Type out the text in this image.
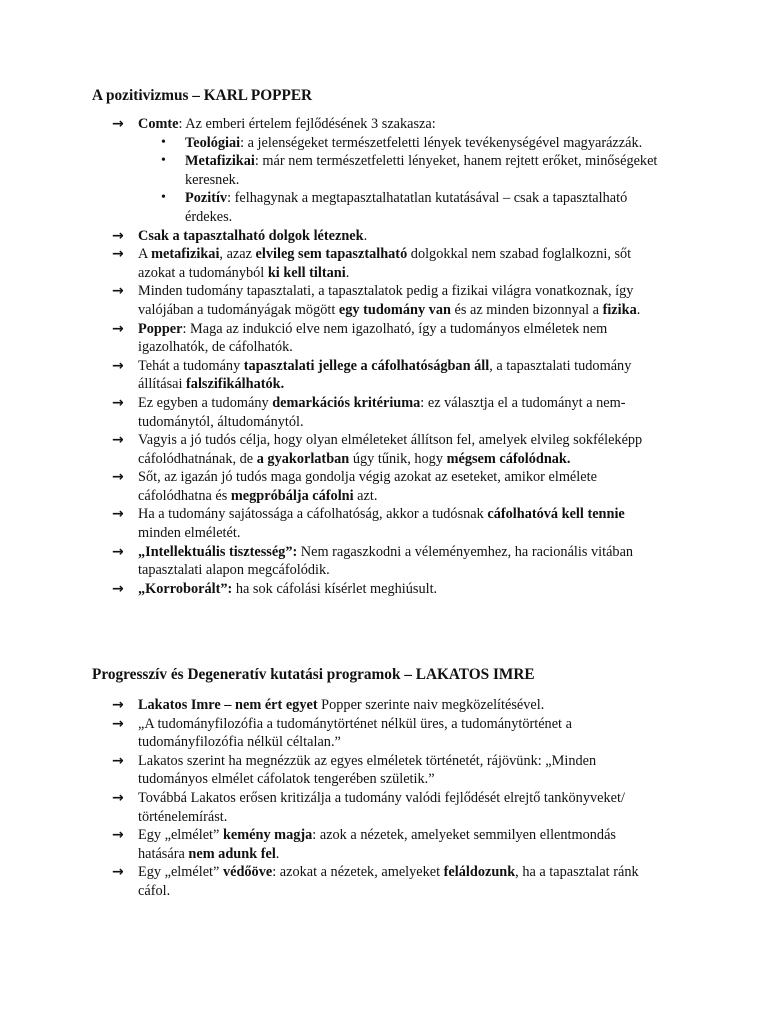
A pozitivizmus – KARL POPPER
→ Comte: Az emberi értelem fejlődésének 3 szakasza:
• Teológiai: a jelenségeket természetfeletti lények tevékenységével magyarázzák.
• Metafizikai: már nem természetfeletti lényeket, hanem rejtett erőket, minőségeket keresnek.
• Pozitív: felhagynak a megtapasztalhatatlan kutatásával – csak a tapasztalható érdekes.
→ Csak a tapasztalható dolgok léteznek.
→ A metafizikai, azaz elvileg sem tapasztalható dolgokkal nem szabad foglalkozni, sőt azokat a tudományból ki kell tiltani.
→ Minden tudomány tapasztalati, a tapasztalatok pedig a fizikai világra vonatkoznak, így valójában a tudományágak mögött egy tudomány van és az minden bizonnyal a fizika.
→ Popper: Maga az indukció elve nem igazolható, így a tudományos elméletek nem igazolhatók, de cáfolhatók.
→ Tehát a tudomány tapasztalati jellege a cáfolhatóságban áll, a tapasztalati tudomány állításai falszifikálhatók.
→ Ez egyben a tudomány demarkációs kritériuma: ez választja el a tudományt a nem-tudománytól, áltudománytól.
→ Vagyis a jó tudós célja, hogy olyan elméleteket állítson fel, amelyek elvileg sokféleképp cáfolódhatnának, de a gyakorlatban úgy tűnik, hogy mégsem cáfolódnak.
→ Sőt, az igazán jó tudós maga gondolja végig azokat az eseteket, amikor elmélete cáfolódhatna és megpróbálja cáfolni azt.
→ Ha a tudomány sajátossága a cáfolhatóság, akkor a tudósnak cáfolhatóvá kell tennie minden elméletét.
→ „Intellektuális tisztesség”: Nem ragaszkodni a véleményemhez, ha racionális vitában tapasztalati alapon megcáfolódik.
→ „Korroborált”: ha sok cáfolási kísérlet meghiúsult.
Progresszív és Degeneratív kutatási programok – LAKATOS IMRE
→ Lakatos Imre – nem ért egyet Popper szerinte naiv megközelítésével.
→ „A tudományfilozófia a tudománytörténet nélkül üres, a tudománytörténet a tudományfilozófia nélkül céltalan.”
→ Lakatos szerint ha megnézzük az egyes elméletek történetét, rájövünk: „Minden tudományos elmélet cáfolatok tengerében születik.”
→ Továbbá Lakatos erősen kritizálja a tudomány valódi fejlődését elrejtő tankönyveket/ történelemírást.
→ Egy „elmélet” kemény magja: azok a nézetek, amelyeket semmilyen ellentmondás hatására nem adunk fel.
→ Egy „elmélet” védőöve: azokat a nézetek, amelyeket feláldozunk, ha a tapasztalat ránk cáfol.
